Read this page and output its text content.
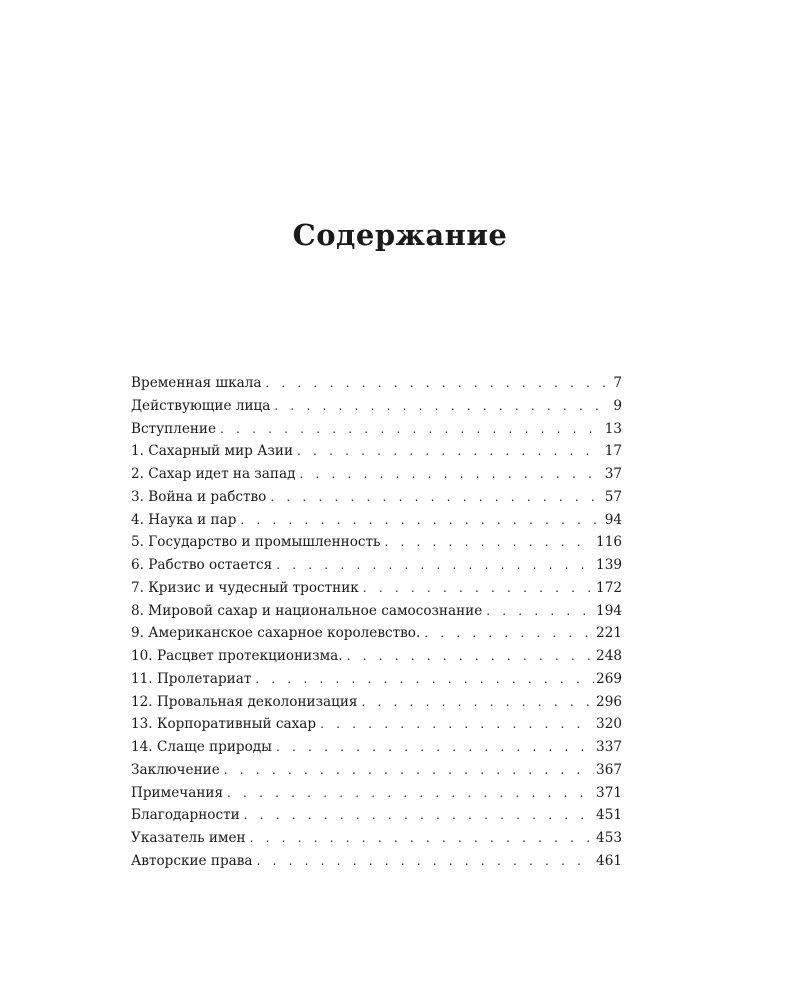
Содержание
Временная шкала . . .	7
Действующие лица . . .	9
Вступление . . .	13
1. Сахарный мир Азии . . .	17
2. Сахар идет на запад . . .	37
3. Война и рабство . . .	57
4. Наука и пар . . .	94
5. Государство и промышленность . . .	116
6. Рабство остается . . .	139
7. Кризис и чудесный тростник . . .	172
8. Мировой сахар и национальное самосознание . . .	194
9. Американское сахарное королевство. . . .	221
10. Расцвет протекционизма. . . .	248
11. Пролетариат . . .	269
12. Провальная деколонизация . . .	296
13. Корпоративный сахар . . .	320
14. Слаще природы . . .	337
Заключение . . .	367
Примечания . . .	371
Благодарности . . .	451
Указатель имен . . .	453
Авторские права . . .	461
